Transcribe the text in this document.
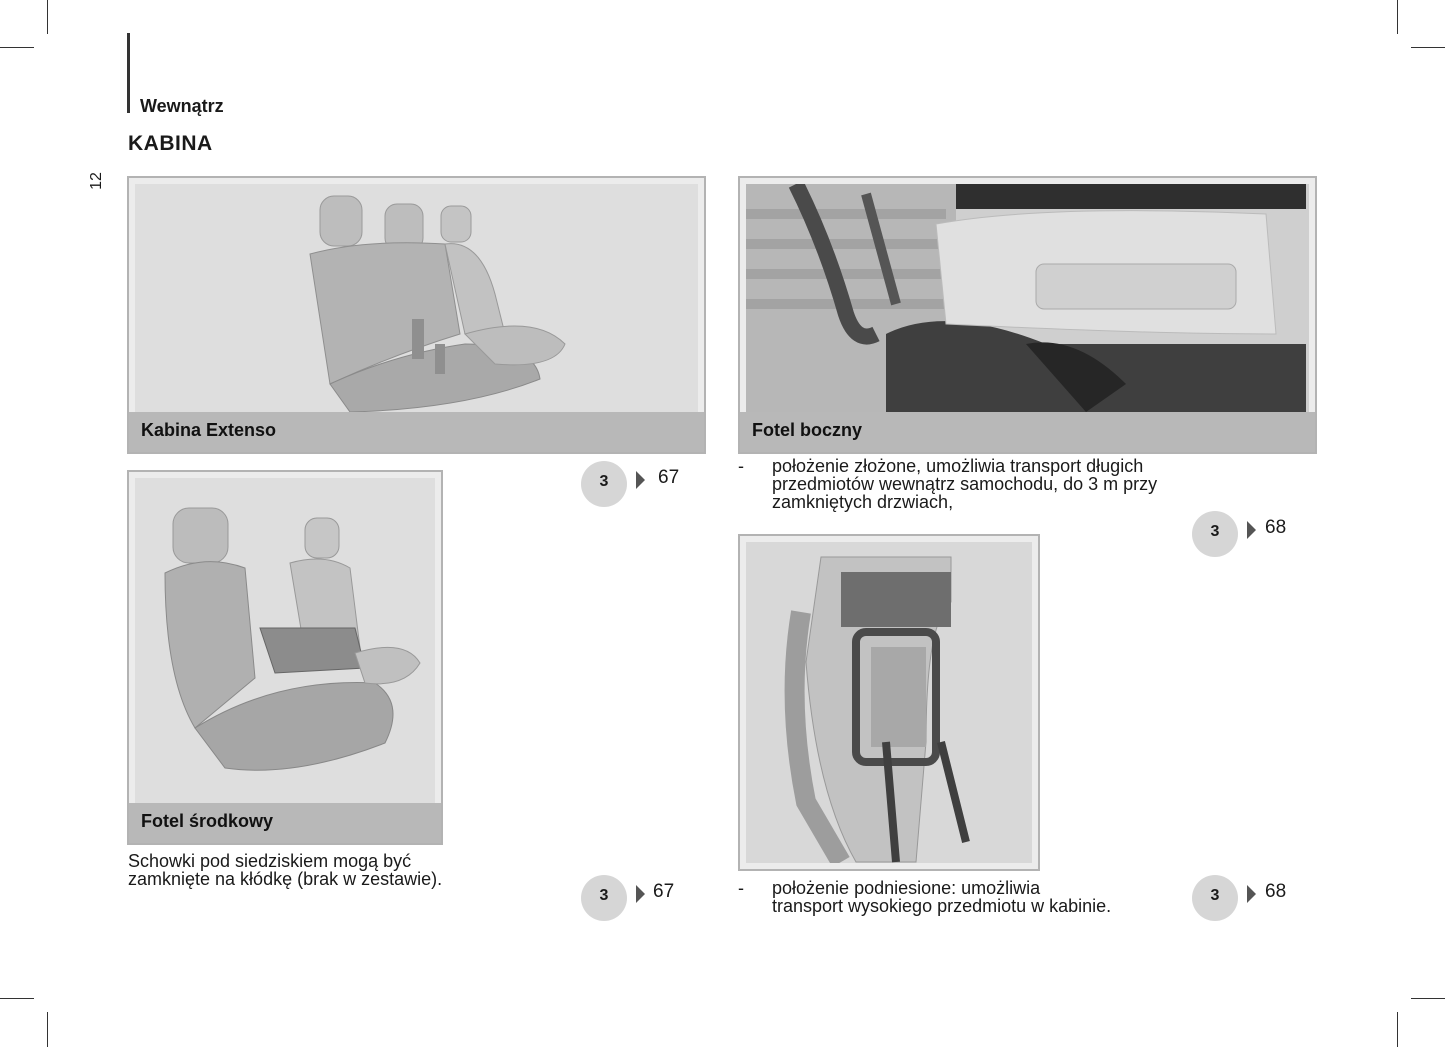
Wewnątrz
KABINA
12
Kabina Extenso	Fotel boczny
Fotel środkowy
Schowki pod siedziskiem mogą być
zamknięte na kłódkę (brak w zestawie).
- położenie złożone, umożliwia transport długich
przedmiotów wewnątrz samochodu, do 3 m przy
zamkniętych drzwiach,
- położenie podniesione: umożliwia
transport wysokiego przedmiotu w kabinie.
3	67
3	67
3	68
3	68
